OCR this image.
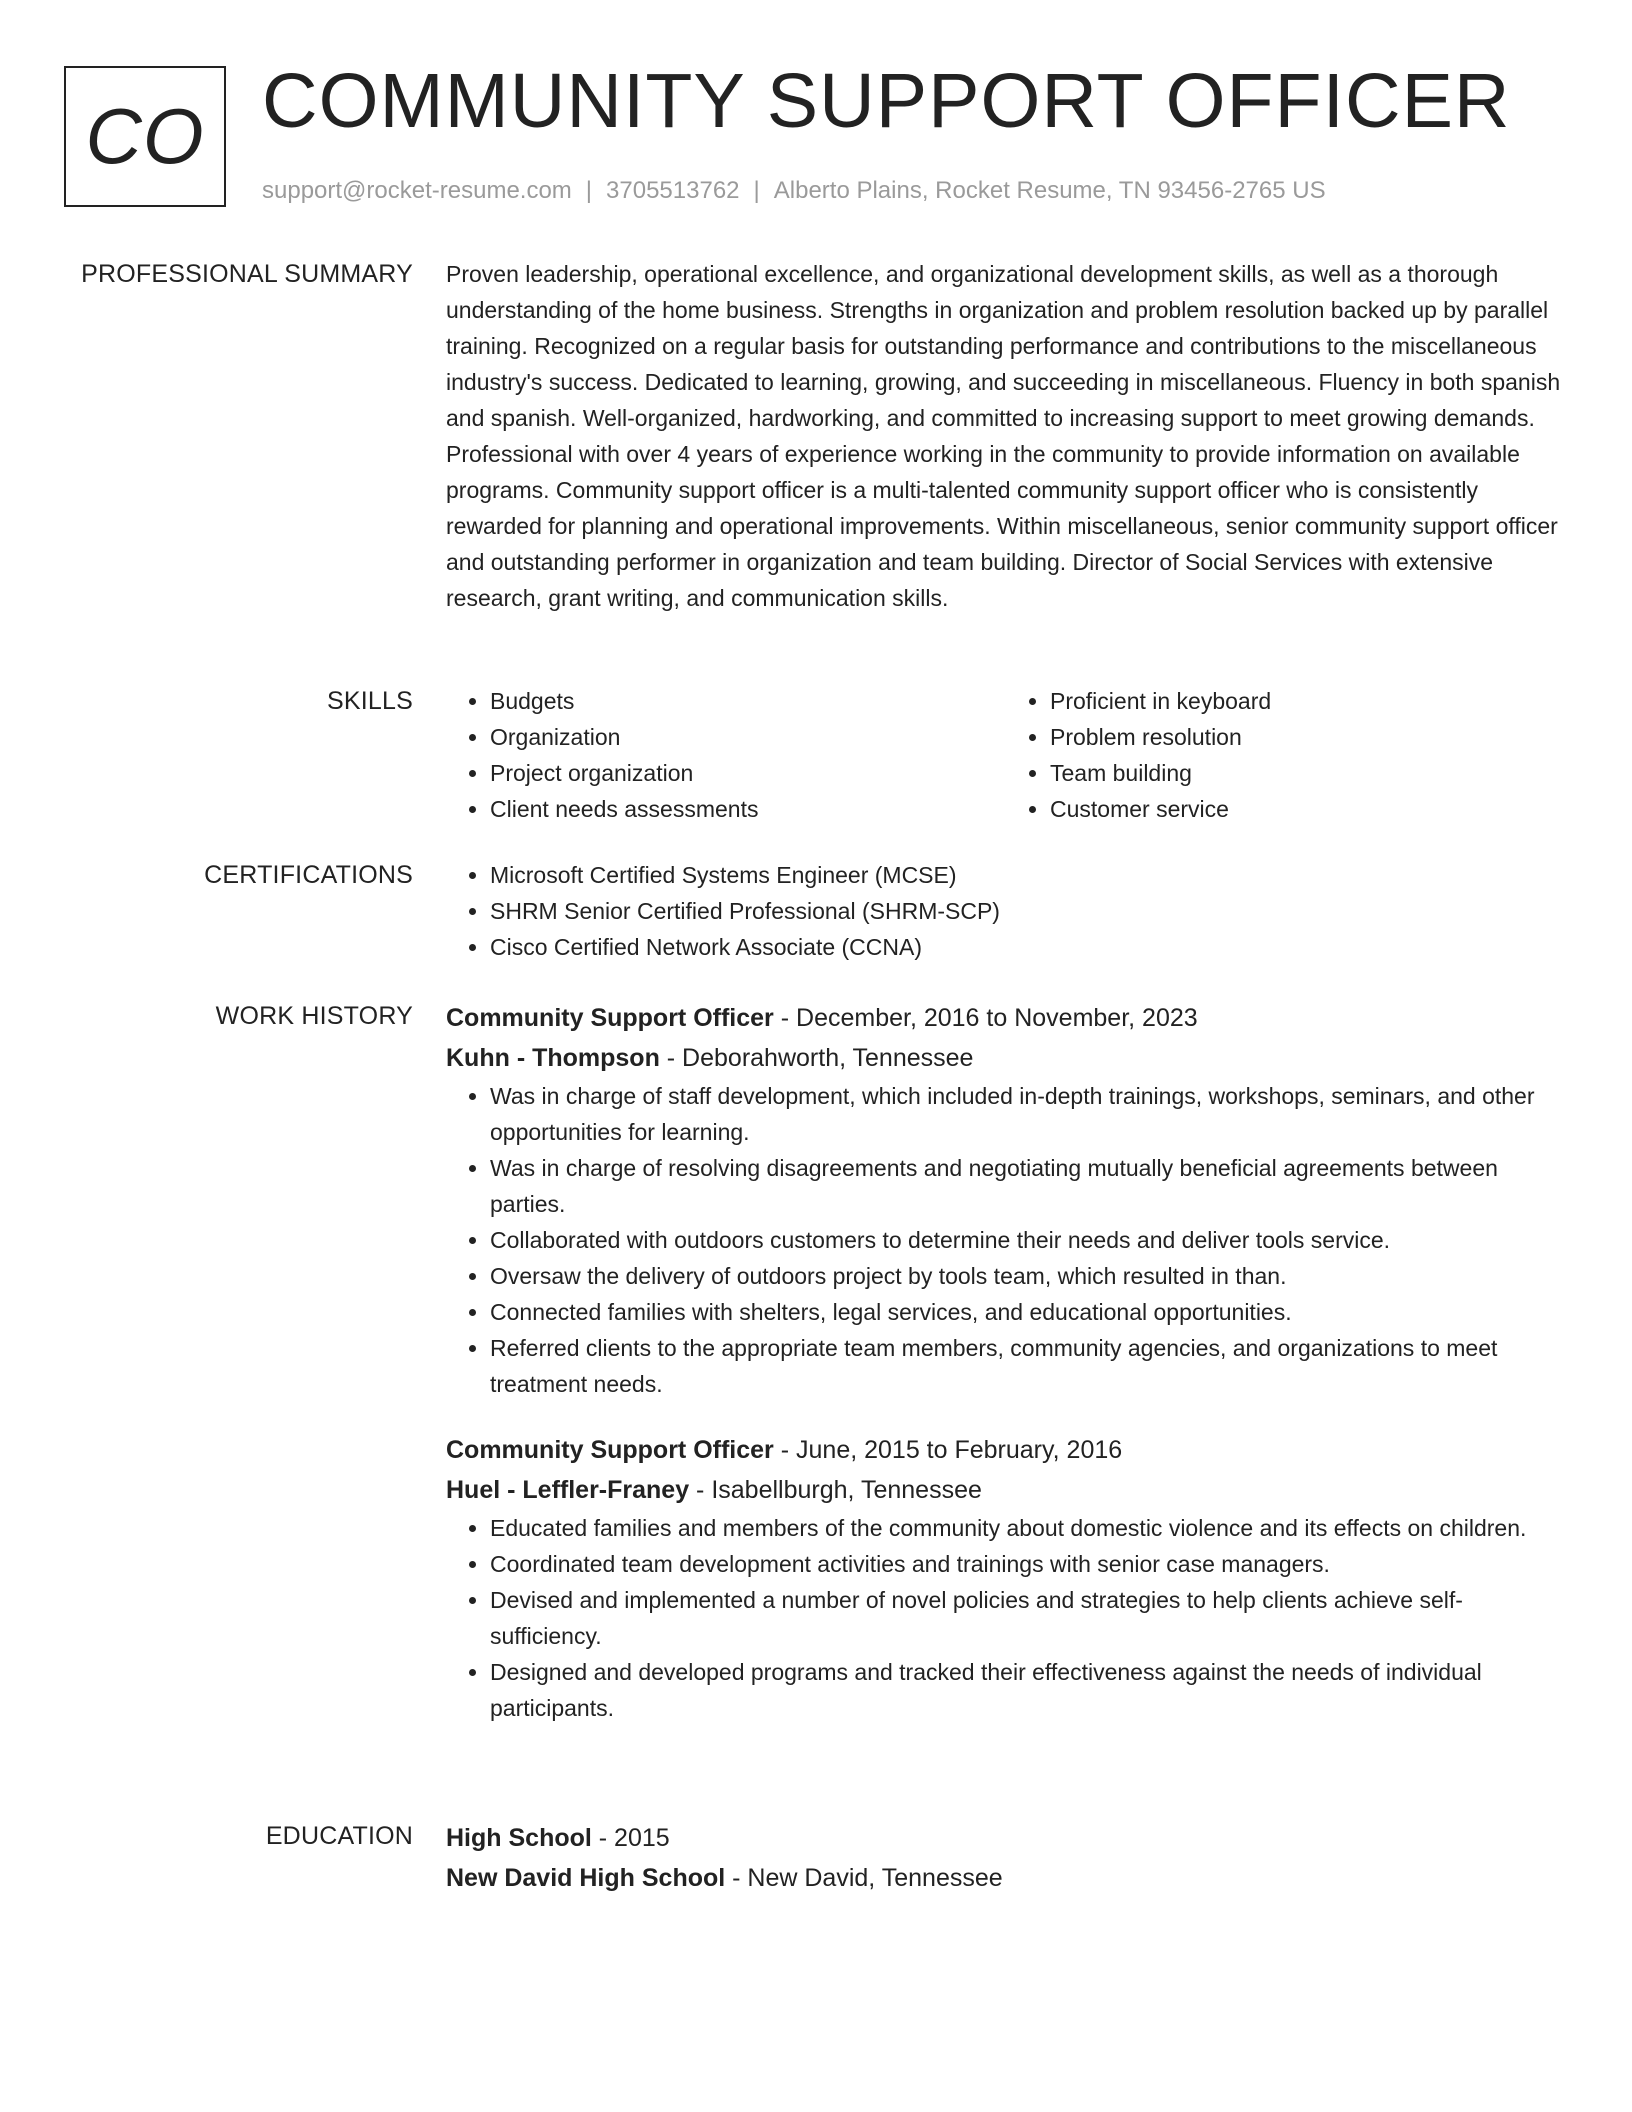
CO COMMUNITY SUPPORT OFFICER
support@rocket-resume.com | 3705513762 | Alberto Plains, Rocket Resume, TN 93456-2765 US
PROFESSIONAL SUMMARY Proven leadership, operational excellence, and organizational development skills, as well as a thorough understanding of the home business. Strengths in organization and problem resolution backed up by parallel training. Recognized on a regular basis for outstanding performance and contributions to the miscellaneous industry's success. Dedicated to learning, growing, and succeeding in miscellaneous. Fluency in both spanish and spanish. Well-organized, hardworking, and committed to increasing support to meet growing demands. Professional with over 4 years of experience working in the community to provide information on available programs. Community support officer is a multi-talented community support officer who is consistently rewarded for planning and operational improvements. Within miscellaneous, senior community support officer and outstanding performer in organization and team building. Director of Social Services with extensive research, grant writing, and communication skills.

SKILLS	• Budgets
• Organization
• Project organization
• Client needs assessments
• Proficient in keyboard
• Problem resolution
• Team building
• Customer service
CERTIFICATIONS	• Microsoft Certified Systems Engineer (MCSE)
• SHRM Senior Certified Professional (SHRM-SCP)
• Cisco Certified Network Associate (CCNA)
WORK HISTORY Community Support Officer - December, 2016 to November, 2023
Kuhn - Thompson - Deborahworth, Tennessee
• Was in charge of staff development, which included in-depth trainings, workshops, seminars, and other opportunities for learning.
• Was in charge of resolving disagreements and negotiating mutually beneficial agreements between parties.
• Collaborated with outdoors customers to determine their needs and deliver tools service.
• Oversaw the delivery of outdoors project by tools team, which resulted in than.
• Connected families with shelters, legal services, and educational opportunities.
• Referred clients to the appropriate team members, community agencies, and organizations to meet treatment needs.
Community Support Officer - June, 2015 to February, 2016
Huel - Leffler-Franey - Isabellburgh, Tennessee
• Educated families and members of the community about domestic violence and its effects on children.
• Coordinated team development activities and trainings with senior case managers.
• Devised and implemented a number of novel policies and strategies to help clients achieve self-sufficiency.
• Designed and developed programs and tracked their effectiveness against the needs of individual participants.
EDUCATION High School - 2015
New David High School - New David, Tennessee
